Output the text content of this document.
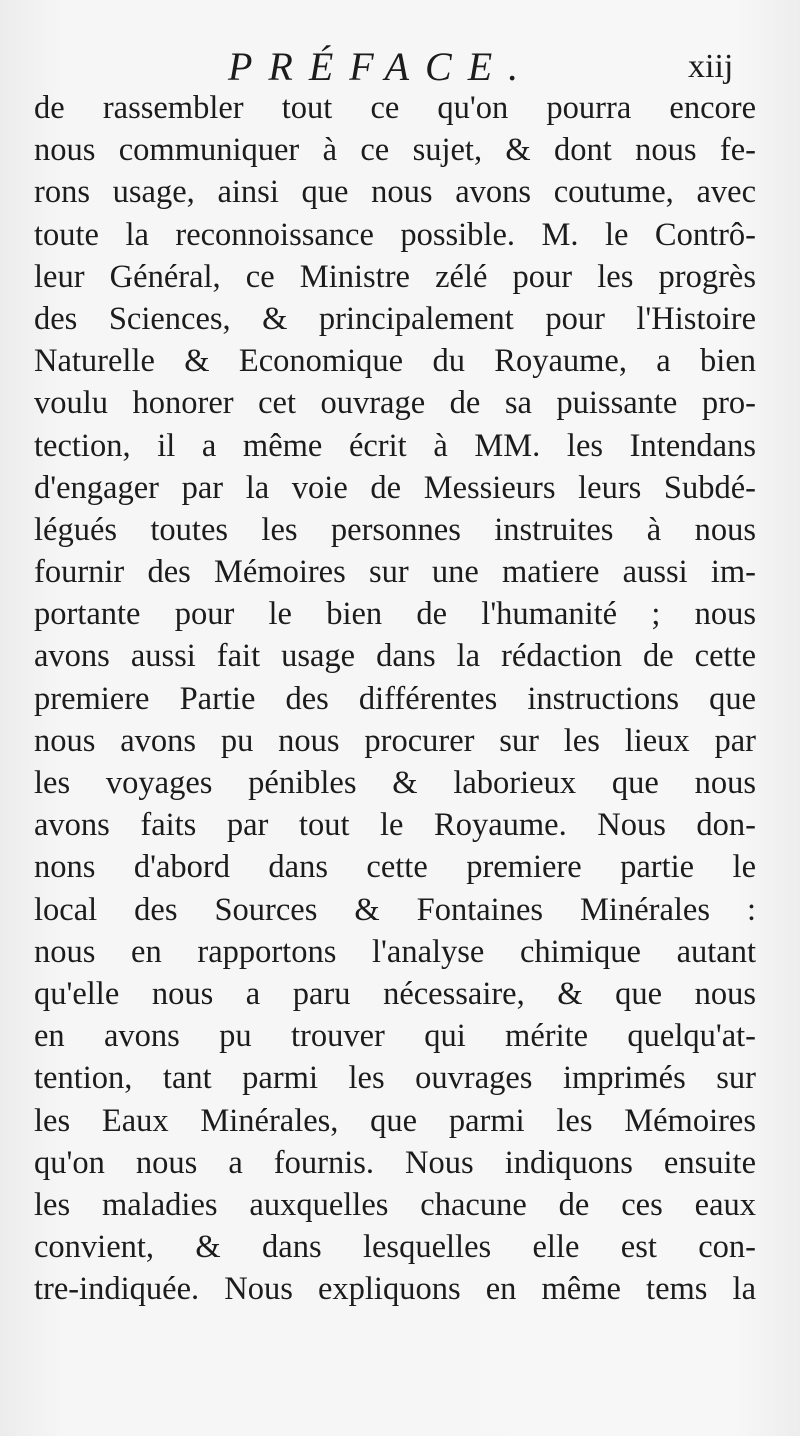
PRÉFACE.	xiij
de rassembler tout ce qu'on pourra encore
nous communiquer à ce sujet, & dont nous fe-
rons usage, ainsi que nous avons coutume, avec
toute la reconnoissance possible. M. le Contrô-
leur Général, ce Ministre zélé pour les progrès
des Sciences, & principalement pour l'Histoire
Naturelle & Economique du Royaume, a bien
voulu honorer cet ouvrage de sa puissante pro-
tection, il a même écrit à MM. les Intendans
d'engager par la voie de Messieurs leurs Subdé-
légués toutes les personnes instruites à nous
fournir des Mémoires sur une matiere aussi im-
portante pour le bien de l'humanité ; nous
avons aussi fait usage dans la rédaction de cette
premiere Partie des différentes instructions que
nous avons pu nous procurer sur les lieux par
les voyages pénibles & laborieux que nous
avons faits par tout le Royaume. Nous don-
nons d'abord dans cette premiere partie le
local des Sources & Fontaines Minérales :
nous en rapportons l'analyse chimique autant
qu'elle nous a paru nécessaire, & que nous
en avons pu trouver qui mérite quelqu'at-
tention, tant parmi les ouvrages imprimés sur
les Eaux Minérales, que parmi les Mémoires
qu'on nous a fournis. Nous indiquons ensuite
les maladies auxquelles chacune de ces eaux
convient, & dans lesquelles elle est con-
tre-indiquée. Nous expliquons en même tems la
